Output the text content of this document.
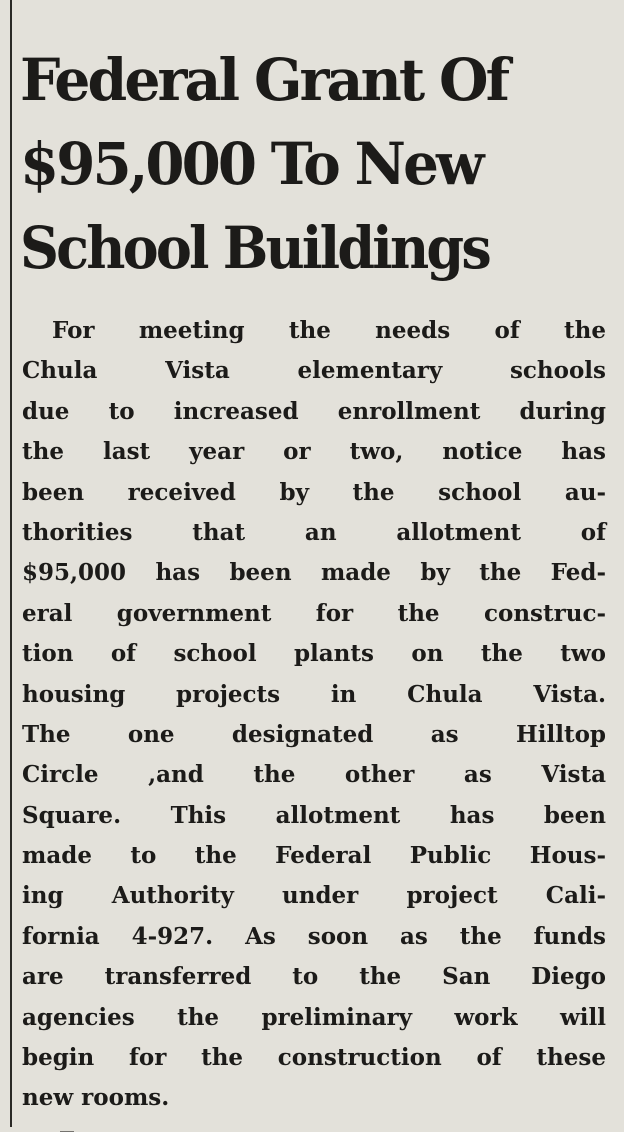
Federal Grant Of
$95,000 To New
School Buildings
For meeting the needs of the
Chula Vista elementary schools
due to increased enrollment during
the last year or two, notice has
been received by the school au-
thorities that an allotment of
$95,000 has been made by the Fed-
eral government for the construc-
tion of school plants on the two
housing projects in Chula Vista.
The one designated as Hilltop
Circle ,and the other as Vista
Square. This allotment has been
made to the Federal Public Hous-
ing Authority under project Cali-
fornia 4-927. As soon as the funds
are transferred to the San Diego
agencies the preliminary work will
begin for the construction of these
new rooms.
